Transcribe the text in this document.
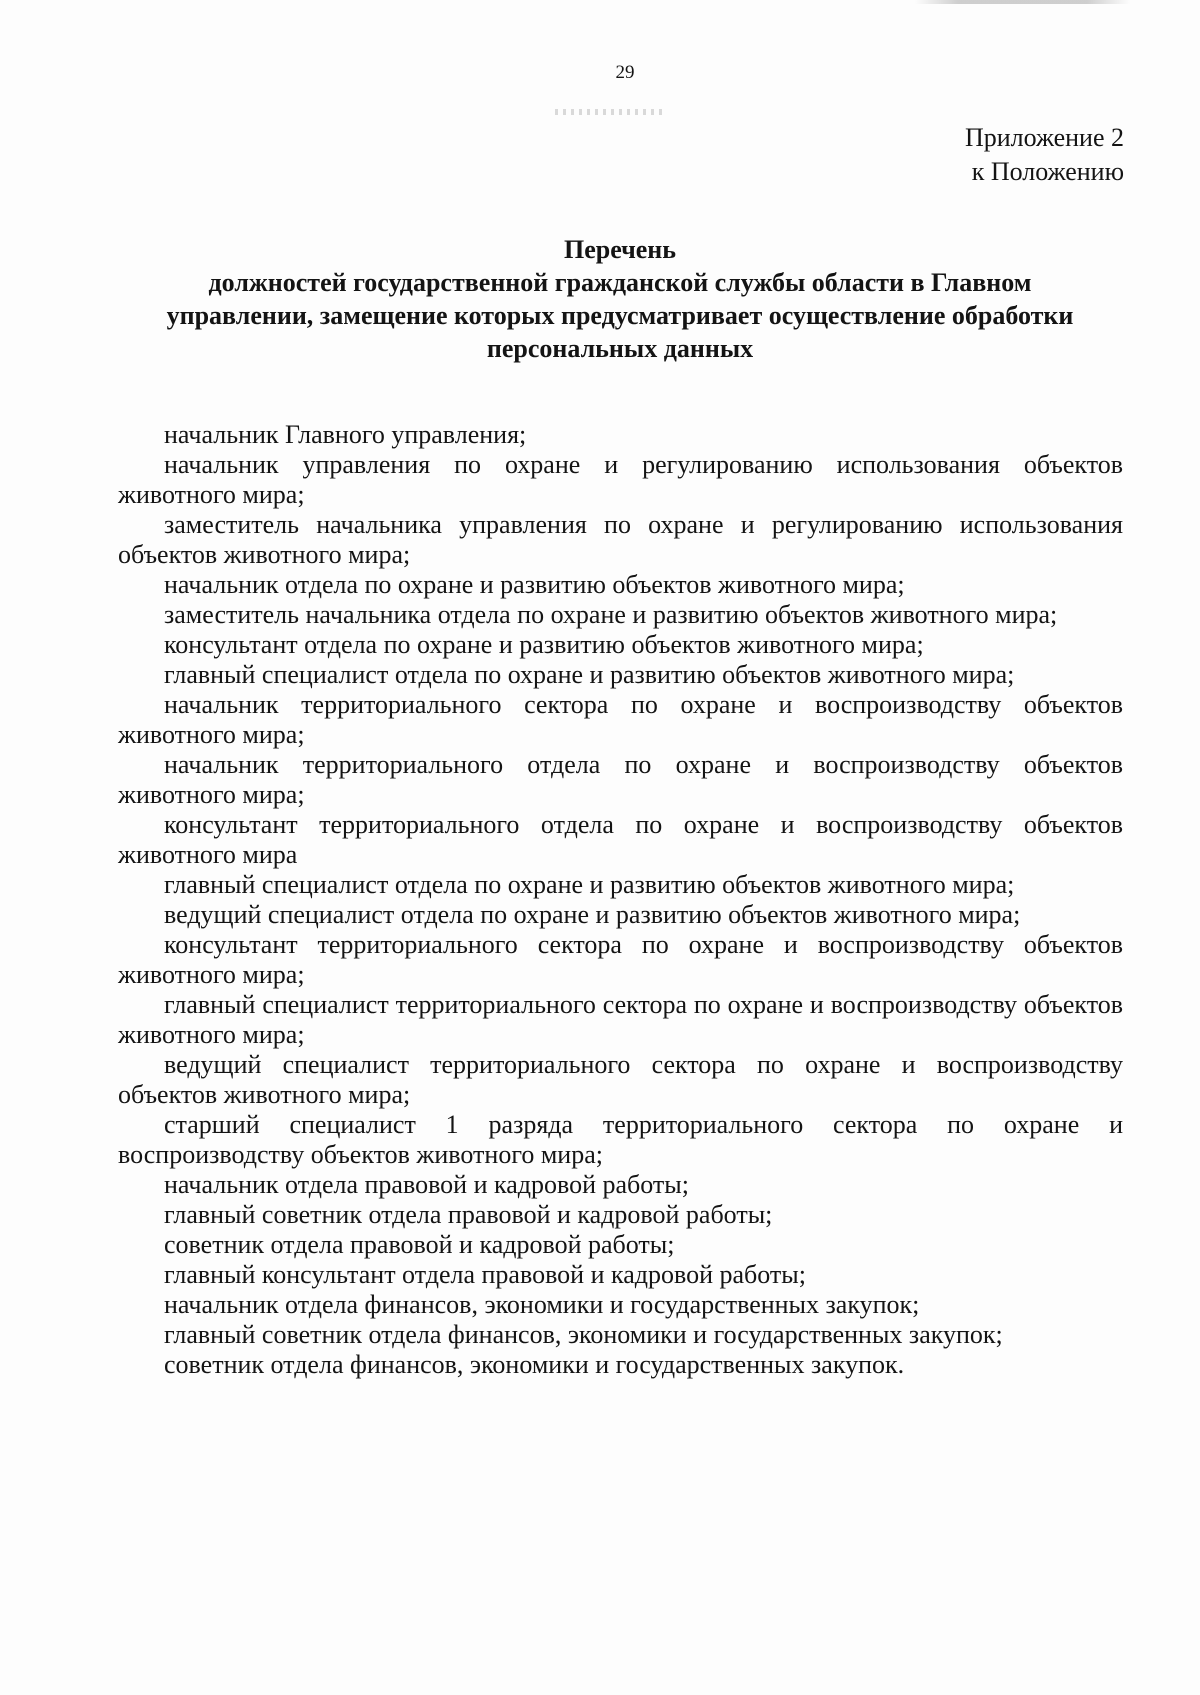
29
Приложение 2
к Положению
Перечень
должностей государственной гражданской службы области в Главном
управлении, замещение которых предусматривает осуществление обработки
персональных данных

начальник Главного управления;

начальник управления по охране и регулированию использования объектов животного мира;

заместитель начальника управления по охране и регулированию использования объектов животного мира;

начальник отдела по охране и развитию объектов животного мира;

заместитель начальника отдела по охране и развитию объектов животного мира;

консультант отдела по охране и развитию объектов животного мира;

главный специалист отдела по охране и развитию объектов животного мира;

начальник территориального сектора по охране и воспроизводству объектов животного мира;

начальник территориального отдела по охране и воспроизводству объектов животного мира;

консультант территориального отдела по охране и воспроизводству объектов животного мира

главный специалист отдела по охране и развитию объектов животного мира;

ведущий специалист отдела по охране и развитию объектов животного мира;

консультант территориального сектора по охране и воспроизводству объектов животного мира;

главный специалист территориального сектора по охране и воспроизводству объектов животного мира;

ведущий специалист территориального сектора по охране и воспроизводству объектов животного мира;

старший специалист 1 разряда территориального сектора по охране и воспроизводству объектов животного мира;

начальник отдела правовой и кадровой работы;

главный советник отдела правовой и кадровой работы;

советник отдела правовой и кадровой работы;

главный консультант отдела правовой и кадровой работы;

начальник отдела финансов, экономики и государственных закупок;

главный советник отдела финансов, экономики и государственных закупок;

советник отдела финансов, экономики и государственных закупок.
